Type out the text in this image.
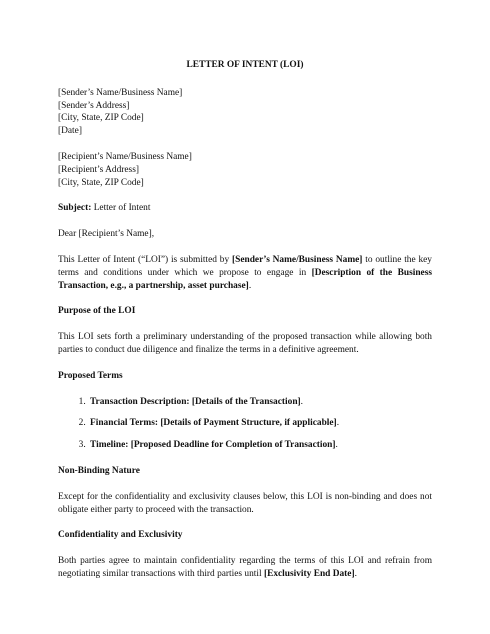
LETTER OF INTENT (LOI)
[Sender’s Name/Business Name]
[Sender’s Address]
[City, State, ZIP Code]
[Date]
[Recipient’s Name/Business Name]
[Recipient’s Address]
[City, State, ZIP Code]

Subject: Letter of Intent

Dear [Recipient’s Name],

This Letter of Intent (“LOI”) is submitted by [Sender’s Name/Business Name] to outline the key terms and conditions under which we propose to engage in [Description of the Business Transaction, e.g., a partnership, asset purchase].

Purpose of the LOI

This LOI sets forth a preliminary understanding of the proposed transaction while allowing both parties to conduct due diligence and finalize the terms in a definitive agreement.

Proposed Terms
1. Transaction Description: [Details of the Transaction].
2. Financial Terms: [Details of Payment Structure, if applicable].
3. Timeline: [Proposed Deadline for Completion of Transaction].
Non-Binding Nature

Except for the confidentiality and exclusivity clauses below, this LOI is non-binding and does not obligate either party to proceed with the transaction.

Confidentiality and Exclusivity

Both parties agree to maintain confidentiality regarding the terms of this LOI and refrain from negotiating similar transactions with third parties until [Exclusivity End Date].
